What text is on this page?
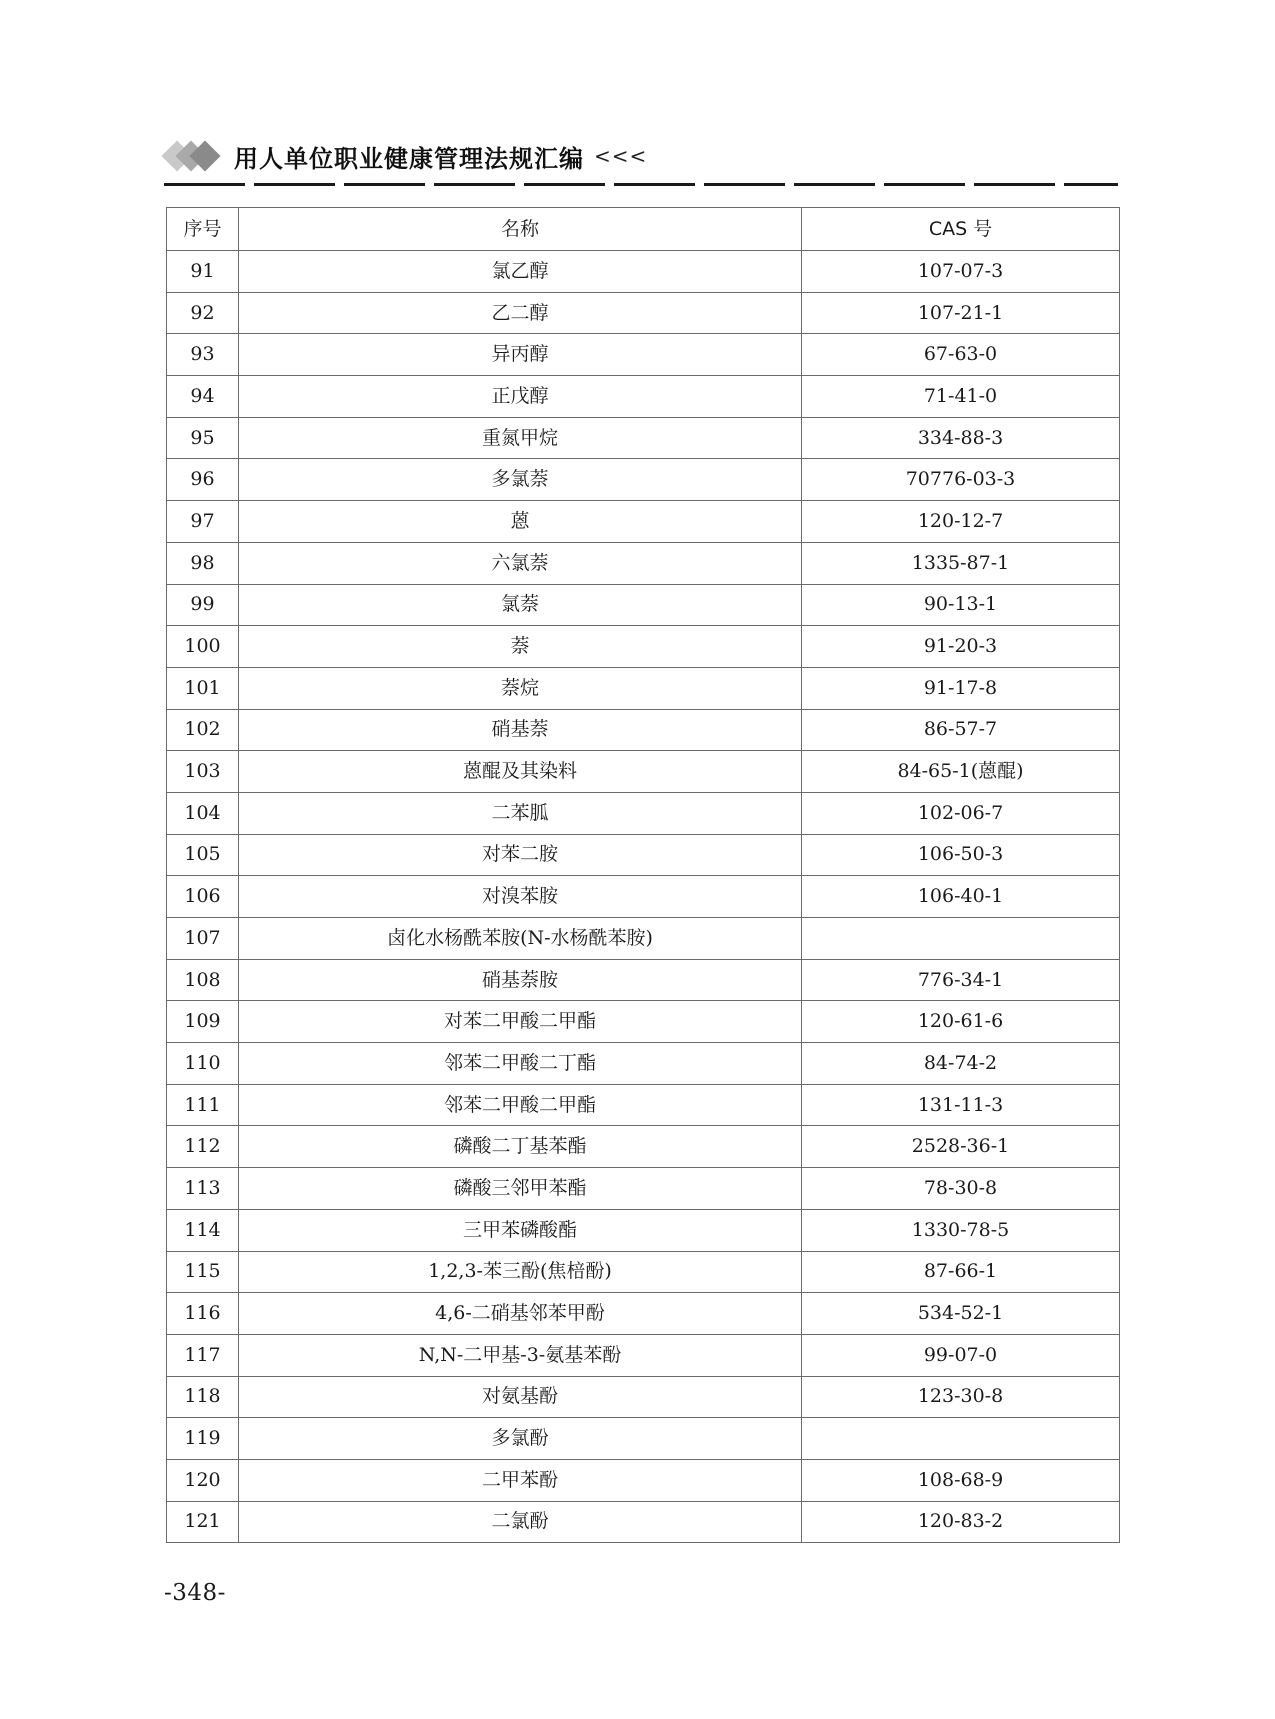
用人单位职业健康管理法规汇编 <<<
序号	名称	CAS 号
91	氯乙醇	107-07-3
92	乙二醇	107-21-1
93	异丙醇	67-63-0
94	正戊醇	71-41-0
95	重氮甲烷	334-88-3
96	多氯萘	70776-03-3
97	蒽	120-12-7
98	六氯萘	1335-87-1
99	氯萘	90-13-1
100	萘	91-20-3
101	萘烷	91-17-8
102	硝基萘	86-57-7
103	蒽醌及其染料	84-65-1(蒽醌)
104	二苯胍	102-06-7
105	对苯二胺	106-50-3
106	对溴苯胺	106-40-1
107	卤化水杨酰苯胺(N-水杨酰苯胺)	
108	硝基萘胺	776-34-1
109	对苯二甲酸二甲酯	120-61-6
110	邻苯二甲酸二丁酯	84-74-2
111	邻苯二甲酸二甲酯	131-11-3
112	磷酸二丁基苯酯	2528-36-1
113	磷酸三邻甲苯酯	78-30-8
114	三甲苯磷酸酯	1330-78-5
115	1,2,3-苯三酚(焦棓酚)	87-66-1
116	4,6-二硝基邻苯甲酚	534-52-1
117	N,N-二甲基-3-氨基苯酚	99-07-0
118	对氨基酚	123-30-8
119	多氯酚	
120	二甲苯酚	108-68-9
121	二氯酚	120-83-2
-348-
